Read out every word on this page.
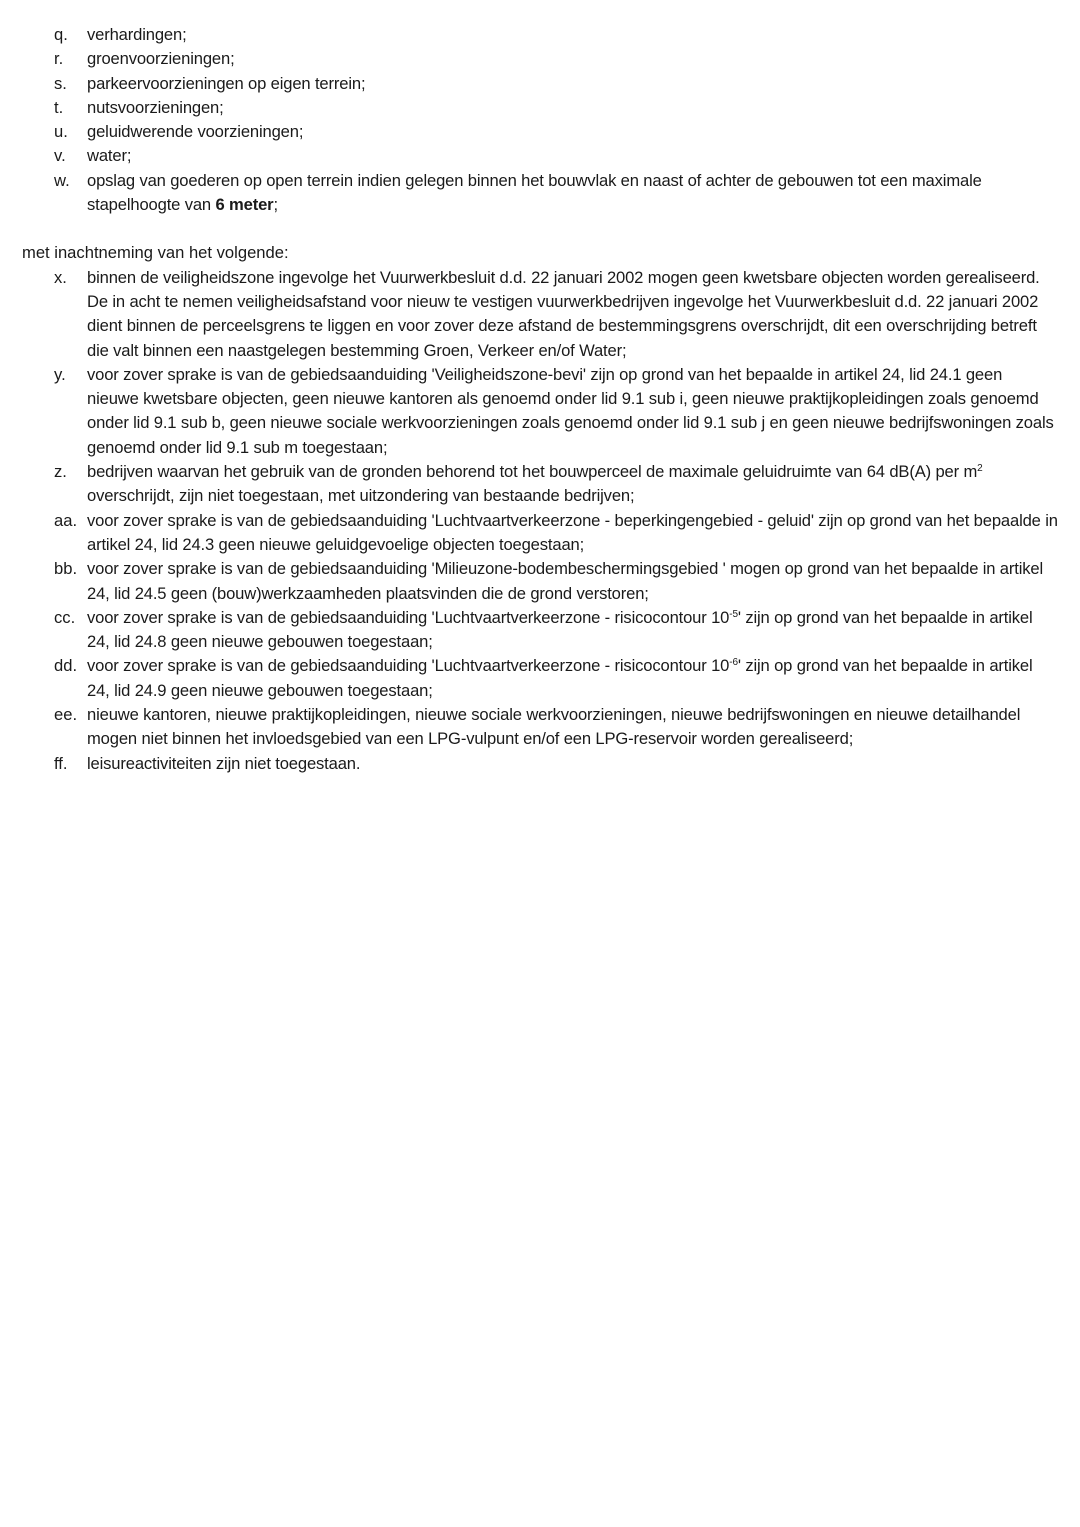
q. verhardingen;
r. groenvoorzieningen;
s. parkeervoorzieningen op eigen terrein;
t. nutsvoorzieningen;
u. geluidwerende voorzieningen;
v. water;
w. opslag van goederen op open terrein indien gelegen binnen het bouwvlak en naast of achter de gebouwen tot een maximale stapelhoogte van 6 meter;
met inachtneming van het volgende:
x. binnen de veiligheidszone ingevolge het Vuurwerkbesluit d.d. 22 januari 2002 mogen geen kwetsbare objecten worden gerealiseerd. De in acht te nemen veiligheidsafstand voor nieuw te vestigen vuurwerkbedrijven ingevolge het Vuurwerkbesluit d.d. 22 januari 2002 dient binnen de perceelsgrens te liggen en voor zover deze afstand de bestemmingsgrens overschrijdt, dit een overschrijding betreft die valt binnen een naastgelegen bestemming Groen, Verkeer en/of Water;
y. voor zover sprake is van de gebiedsaanduiding 'Veiligheidszone-bevi' zijn op grond van het bepaalde in artikel 24, lid 24.1 geen nieuwe kwetsbare objecten, geen nieuwe kantoren als genoemd onder lid 9.1 sub i, geen nieuwe praktijkopleidingen zoals genoemd onder lid 9.1 sub b, geen nieuwe sociale werkvoorzieningen zoals genoemd onder lid 9.1 sub j en geen nieuwe bedrijfswoningen zoals genoemd onder lid 9.1 sub m toegestaan;
z. bedrijven waarvan het gebruik van de gronden behorend tot het bouwperceel de maximale geluidruimte van 64 dB(A) per $m^2$ overschrijdt, zijn niet toegestaan, met uitzondering van bestaande bedrijven;
aa. voor zover sprake is van de gebiedsaanduiding 'Luchtvaartverkeerzone - beperkingengebied - geluid' zijn op grond van het bepaalde in artikel 24, lid 24.3 geen nieuwe geluidgevoelige objecten toegestaan;
bb. voor zover sprake is van de gebiedsaanduiding 'Milieuzone-bodembeschermingsgebied ' mogen op grond van het bepaalde in artikel 24, lid 24.5 geen (bouw)werkzaamheden plaatsvinden die de grond verstoren;
cc. voor zover sprake is van de gebiedsaanduiding 'Luchtvaartverkeerzone - risicocontour $10^{-5}'$ zijn op grond van het bepaalde in artikel 24, lid 24.8 geen nieuwe gebouwen toegestaan;
dd. voor zover sprake is van de gebiedsaanduiding 'Luchtvaartverkeerzone - risicocontour $10^{-6}'$ zijn op grond van het bepaalde in artikel 24, lid 24.9 geen nieuwe gebouwen toegestaan;
ee. nieuwe kantoren, nieuwe praktijkopleidingen, nieuwe sociale werkvoorzieningen, nieuwe bedrijfswoningen en nieuwe detailhandel mogen niet binnen het invloedsgebied van een LPG-vulpunt en/of een LPG-reservoir worden gerealiseerd;
ff. leisureactiviteiten zijn niet toegestaan.
